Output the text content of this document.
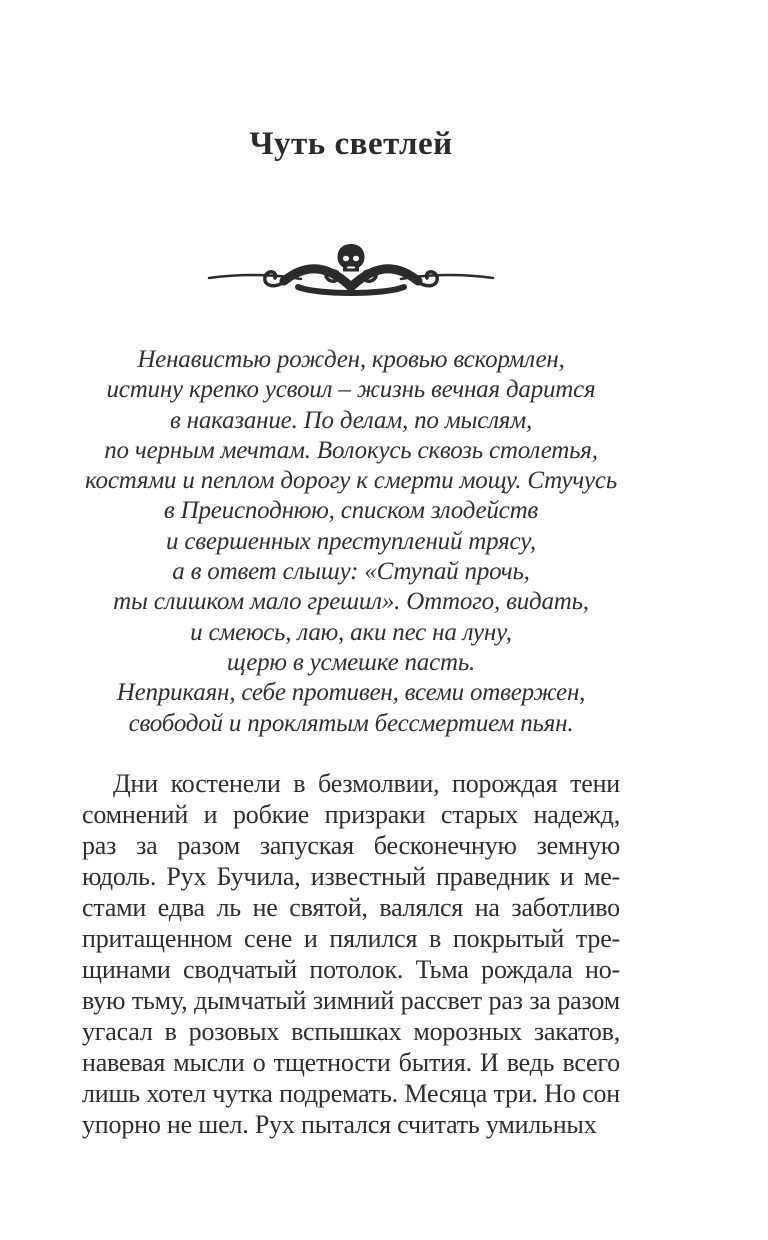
Чуть светлей
Ненавистью рожден, кровью вскормлен,
истину крепко усвоил – жизнь вечная дарится
в наказание. По делам, по мыслям,
по черным мечтам. Волокусь сквозь столетья,
костями и пеплом дорогу к смерти мощу. Стучусь
в Преисподнюю, списком злодейств
и свершенных преступлений трясу,
а в ответ слышу: «Ступай прочь,
ты слишком мало грешил». Оттого, видать,
и смеюсь, лаю, аки пес на луну,
щерю в усмешке пасть.
Неприкаян, себе противен, всеми отвержен,
свободой и проклятым бессмертием пьян.
Дни костенели в безмолвии, порождая тени
сомнений и робкие призраки старых надежд,
раз за разом запуская бесконечную земную
юдоль. Рух Бучила, известный праведник и ме-
стами едва ль не святой, валялся на заботливо
притащенном сене и пялился в покрытый тре-
щинами сводчатый потолок. Тьма рождала но-
вую тьму, дымчатый зимний рассвет раз за разом
угасал в розовых вспышках морозных закатов,
навевая мысли о тщетности бытия. И ведь всего
лишь хотел чутка подремать. Месяца три. Но сон
упорно не шел. Рух пытался считать умильных
